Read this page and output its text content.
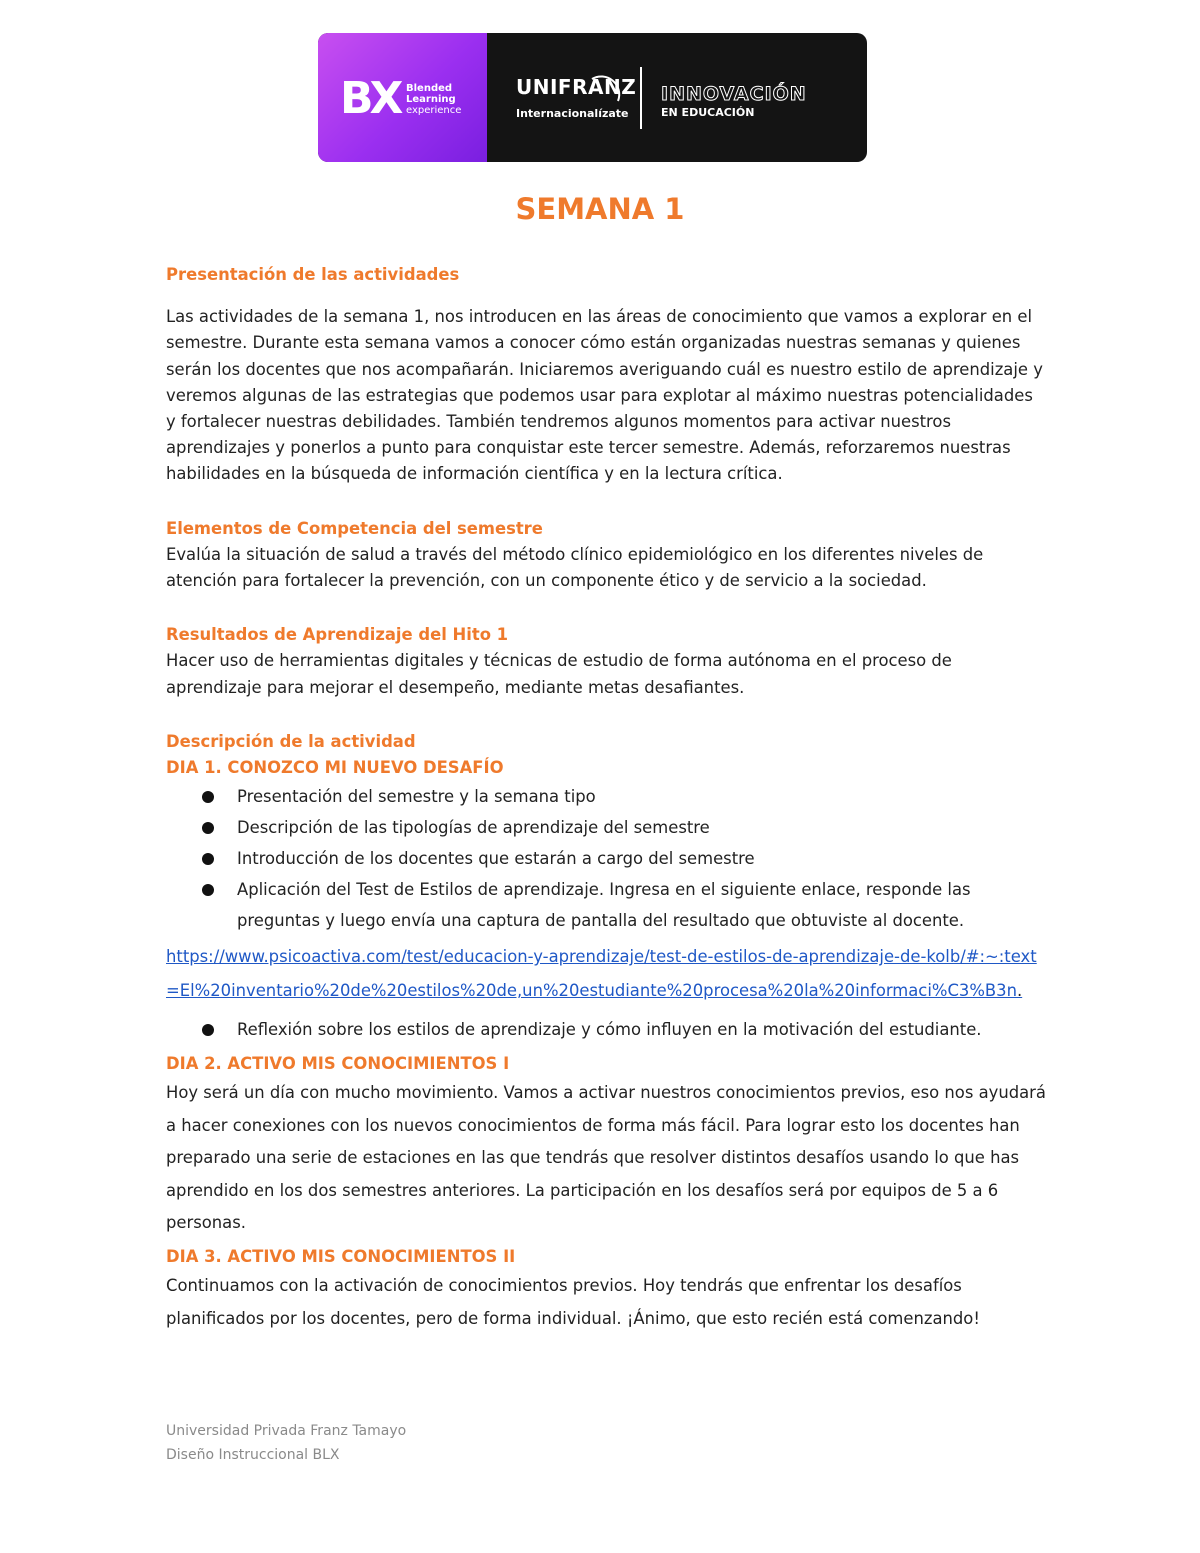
BX Blended
Learning
experience
UNIFRANZ
Internacionalízate
INNOVACIÓN
EN EDUCACIÓN
SEMANA 1

Presentación de las actividades

Las actividades de la semana 1, nos introducen en las áreas de conocimiento que vamos a explorar en el semestre. Durante esta semana vamos a conocer cómo están organizadas nuestras semanas y quienes serán los docentes que nos acompañarán. Iniciaremos averiguando cuál es nuestro estilo de aprendizaje y veremos algunas de las estrategias que podemos usar para explotar al máximo nuestras potencialidades y fortalecer nuestras debilidades. También tendremos algunos momentos para activar nuestros aprendizajes y ponerlos a punto para conquistar este tercer semestre. Además, reforzaremos nuestras habilidades en la búsqueda de información científica y en la lectura crítica.

Elementos de Competencia del semestre

Evalúa la situación de salud a través del método clínico epidemiológico en los diferentes niveles de atención para fortalecer la prevención, con un componente ético y de servicio a la sociedad.

Resultados de Aprendizaje del Hito 1

Hacer uso de herramientas digitales y técnicas de estudio de forma autónoma en el proceso de aprendizaje para mejorar el desempeño, mediante metas desafiantes.

Descripción de la actividad

DIA 1. CONOZCO MI NUEVO DESAFÍO

Presentación del semestre y la semana tipo
Descripción de las tipologías de aprendizaje del semestre
Introducción de los docentes que estarán a cargo del semestre
Aplicación del Test de Estilos de aprendizaje. Ingresa en el siguiente enlace, responde las preguntas y luego envía una captura de pantalla del resultado que obtuviste al docente.

https://www.psicoactiva.com/test/educacion-y-aprendizaje/test-de-estilos-de-aprendizaje-de-kolb/#:~:text=El%20inventario%20de%20estilos%20de,un%20estudiante%20procesa%20la%20informaci%C3%B3n.

Reflexión sobre los estilos de aprendizaje y cómo influyen en la motivación del estudiante.

DIA 2. ACTIVO MIS CONOCIMIENTOS I

Hoy será un día con mucho movimiento. Vamos a activar nuestros conocimientos previos, eso nos ayudará a hacer conexiones con los nuevos conocimientos de forma más fácil. Para lograr esto los docentes han preparado una serie de estaciones en las que tendrás que resolver distintos desafíos usando lo que has aprendido en los dos semestres anteriores. La participación en los desafíos será por equipos de 5 a 6 personas.

DIA 3. ACTIVO MIS CONOCIMIENTOS II

Continuamos con la activación de conocimientos previos. Hoy tendrás que enfrentar los desafíos planificados por los docentes, pero de forma individual. ¡Ánimo, que esto recién está comenzando!

Universidad Privada Franz Tamayo
Diseño Instruccional BLX
